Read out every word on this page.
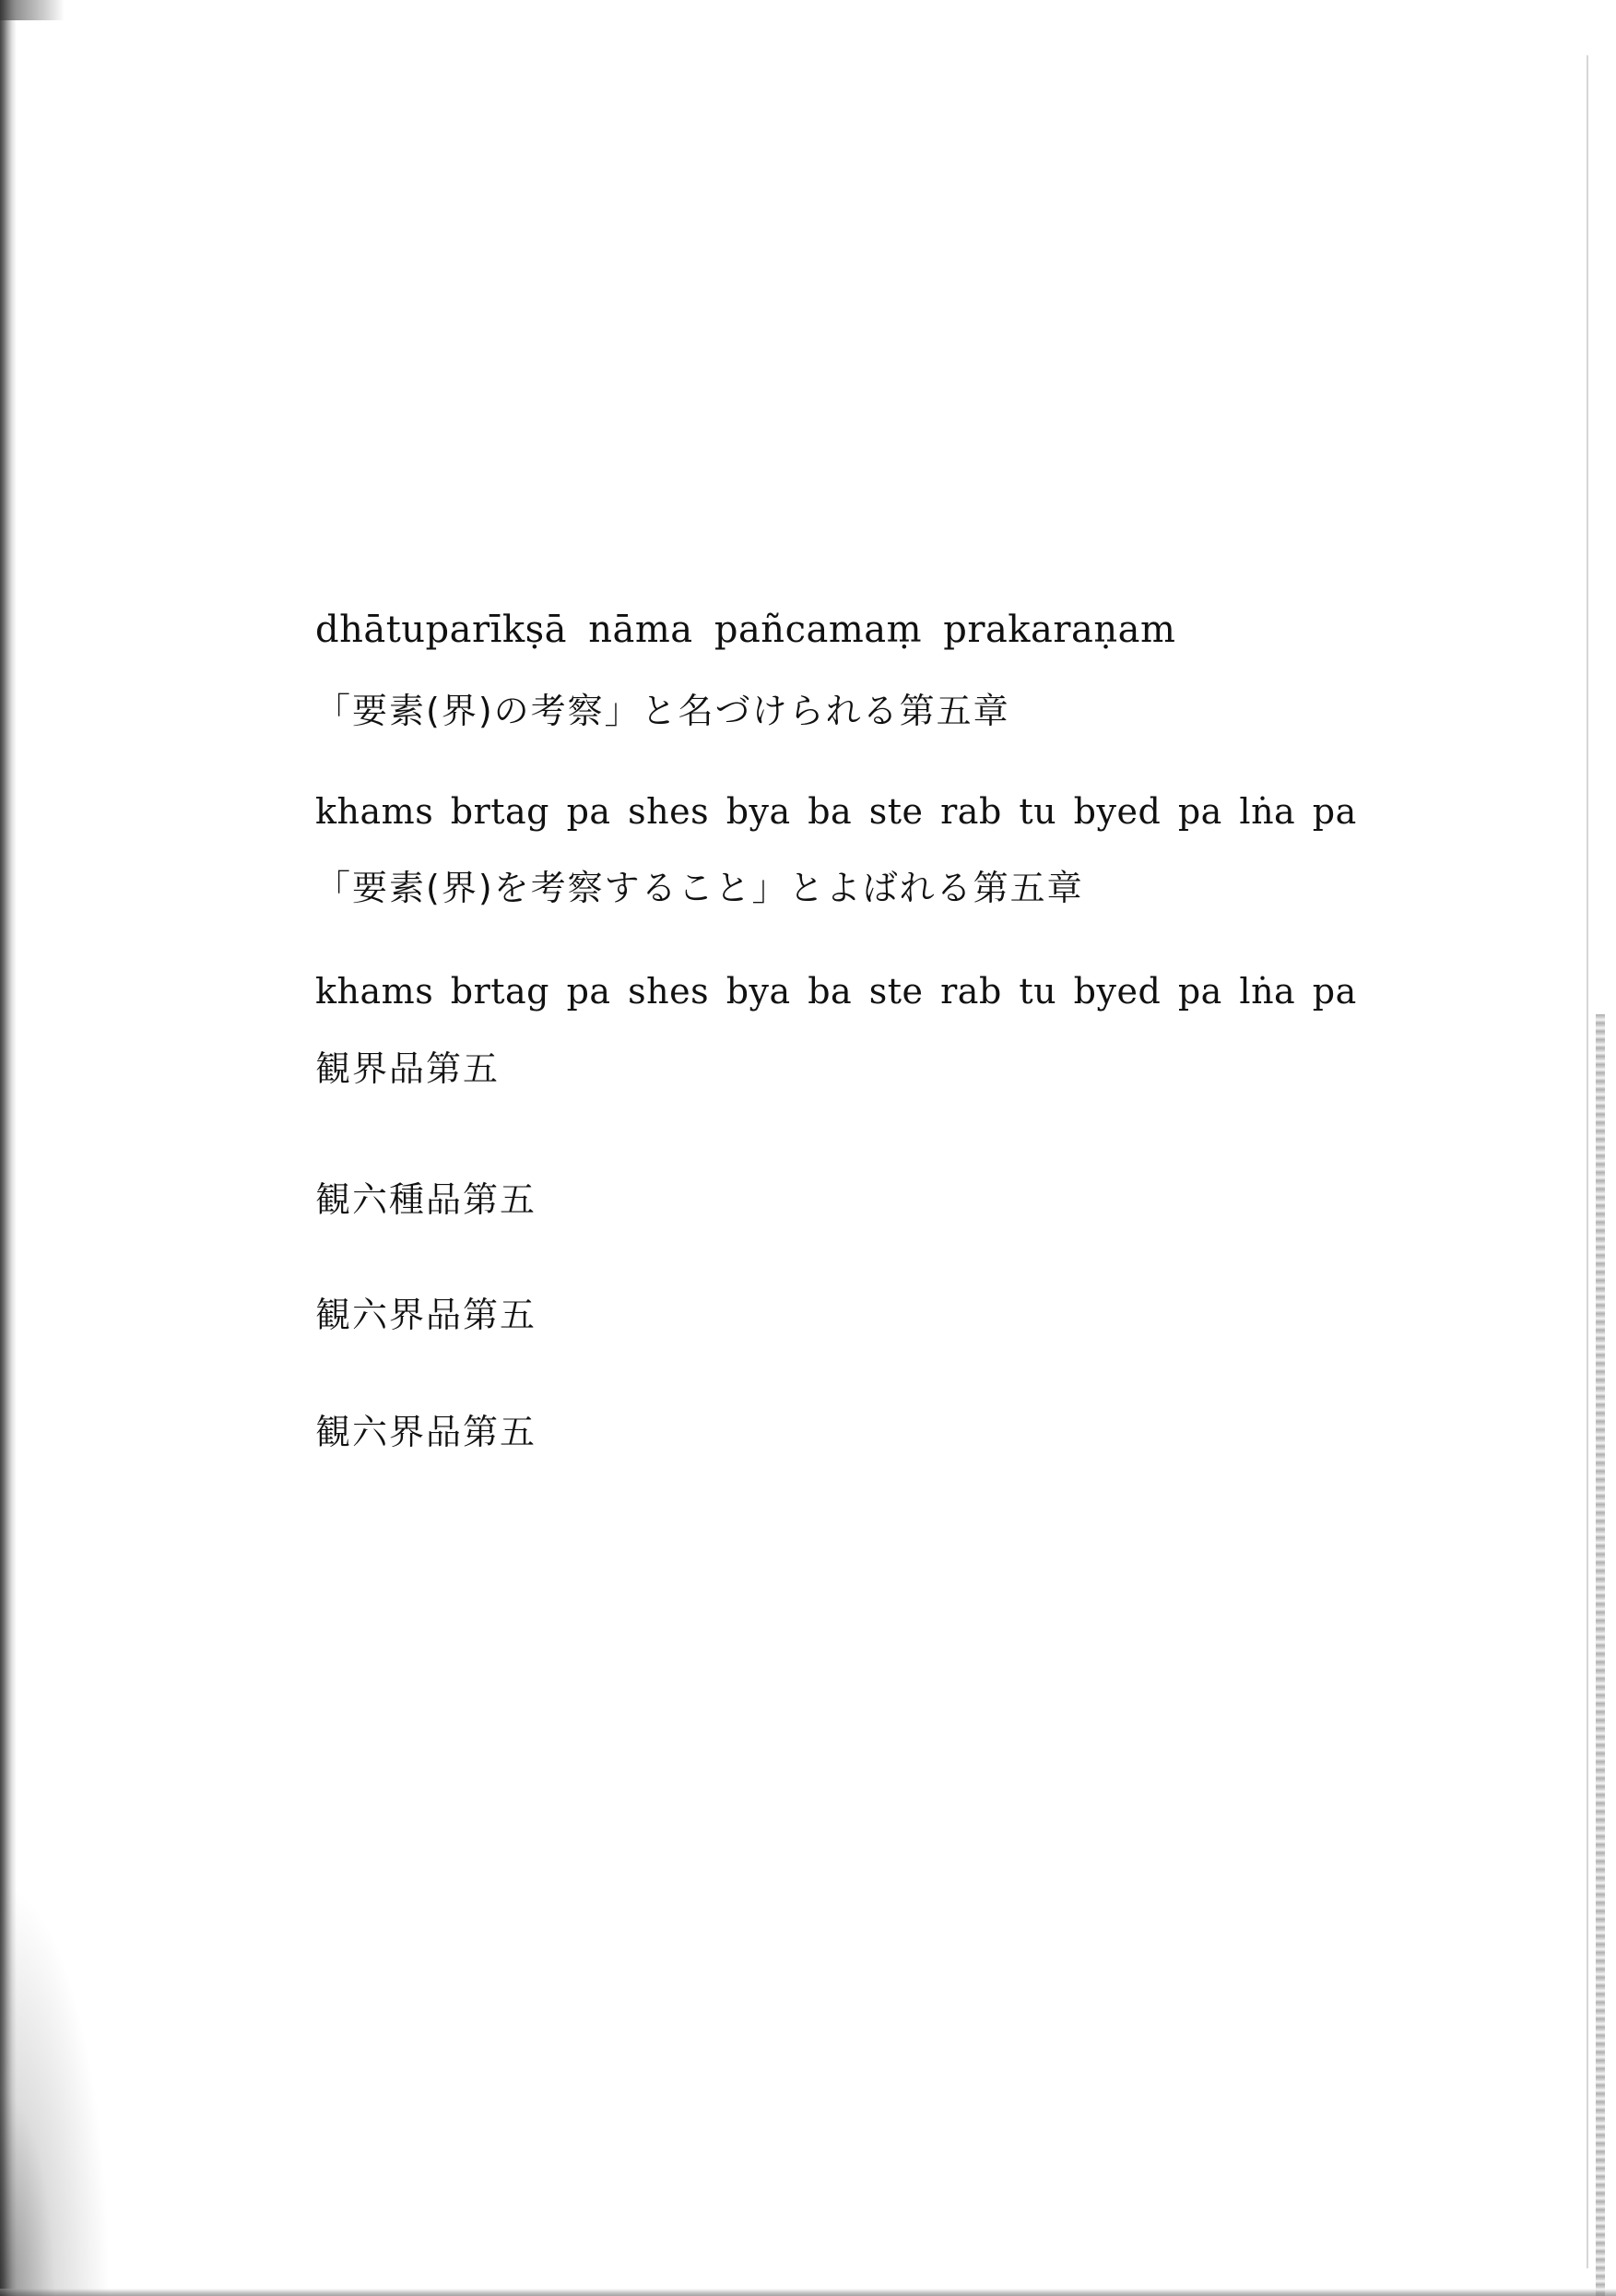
dhātuparīkṣā nāma pañcamaṃ prakaraṇam
「要素(界)の考察」と名づけられる第五章
khams brtag pa shes bya ba ste rab tu byed pa lṅa pa
「要素(界)を考察すること」とよばれる第五章
khams brtag pa shes bya ba ste rab tu byed pa lṅa pa
観界品第五
観六種品第五
観六界品第五
観六界品第五
